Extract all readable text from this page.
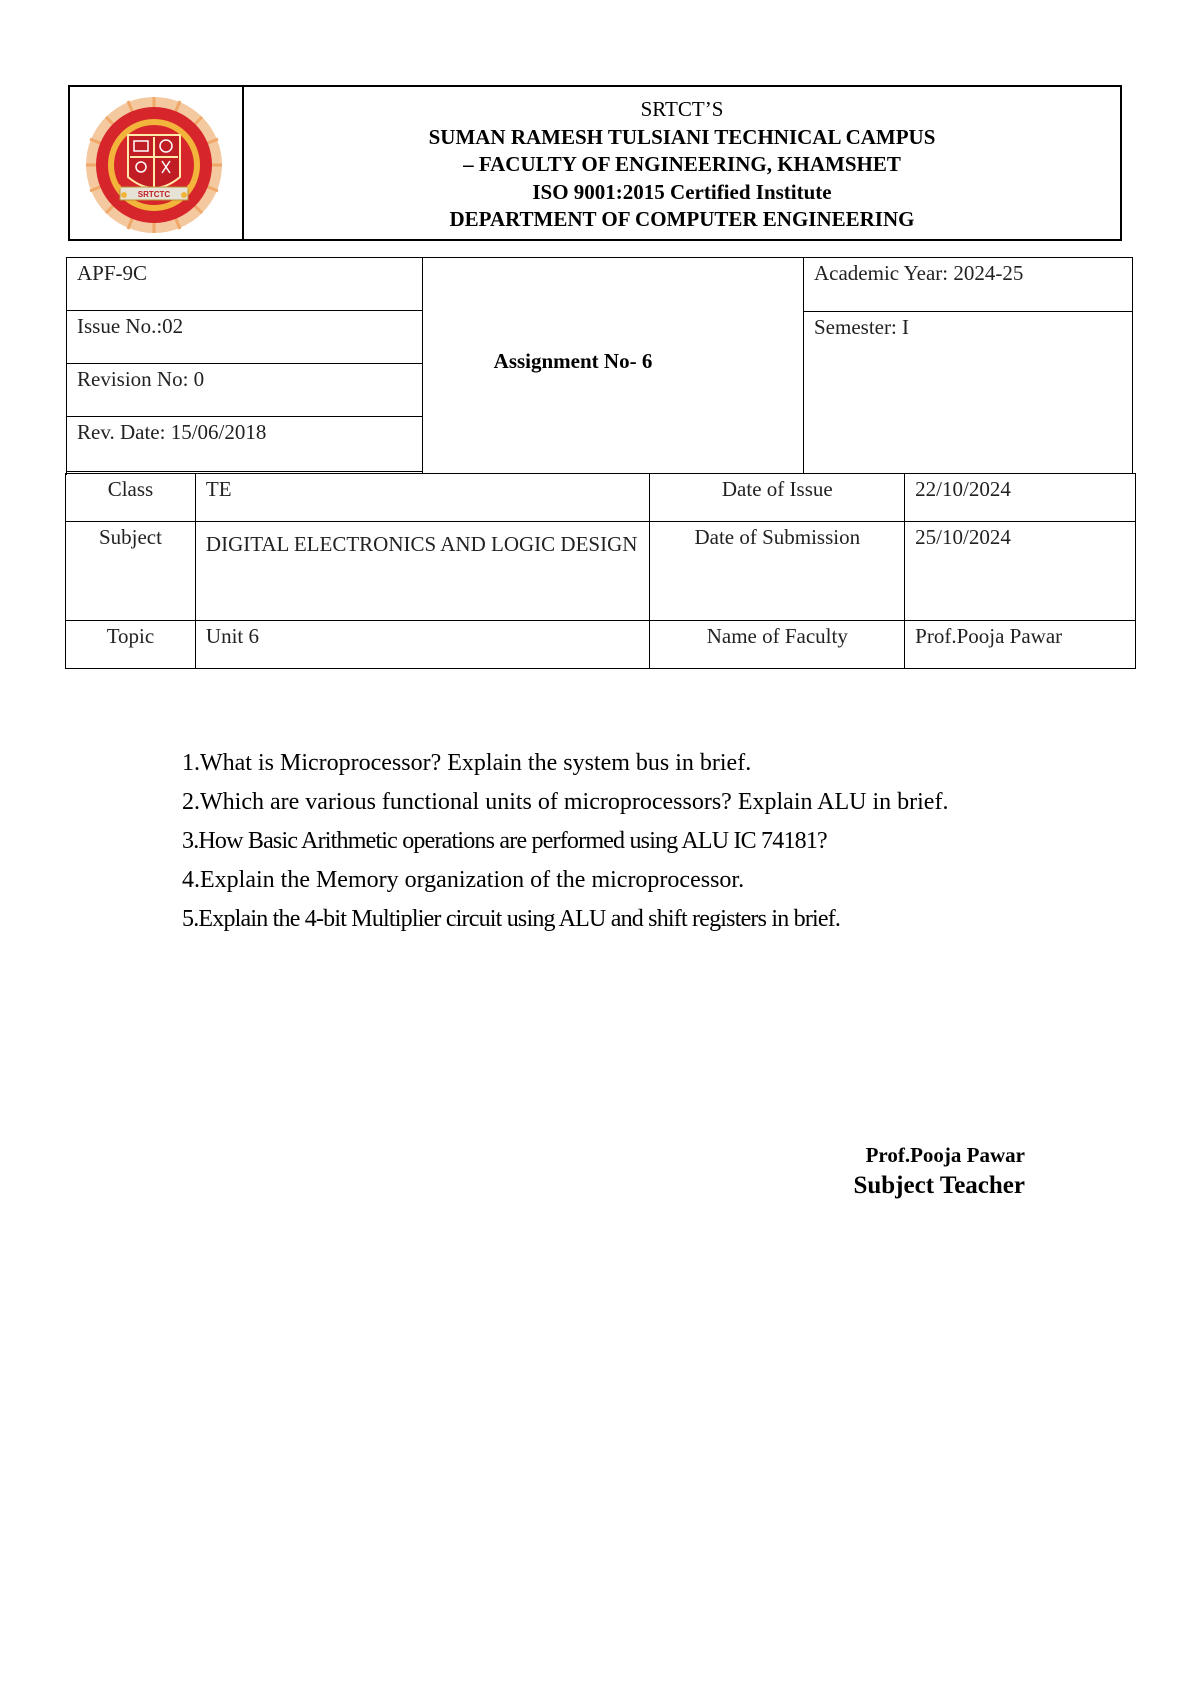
SRTCTC
SRTCT’S
SUMAN RAMESH TULSIANI TECHNICAL CAMPUS
– FACULTY OF ENGINEERING, KHAMSHET
ISO 9001:2015 Certified Institute
DEPARTMENT OF COMPUTER ENGINEERING
APF-9C
Issue No.:02
Revision No: 0
Rev. Date: 15/06/2018
Assignment No- 6
Academic Year: 2024-25
Semester: I
Class	TE	Date of Issue	22/10/2024
Subject	DIGITAL ELECTRONICS AND LOGIC DESIGN	Date of Submission	25/10/2024
Topic	Unit 6	Name of Faculty	Prof.Pooja Pawar
1.What is Microprocessor? Explain the system bus in brief.
2.Which are various functional units of microprocessors? Explain ALU in brief.
3.How Basic Arithmetic operations are performed using ALU IC 74181?
4.Explain the Memory organization of the microprocessor.
5.Explain the 4-bit Multiplier circuit using ALU and shift registers in brief.
Prof.Pooja Pawar
Subject Teacher
